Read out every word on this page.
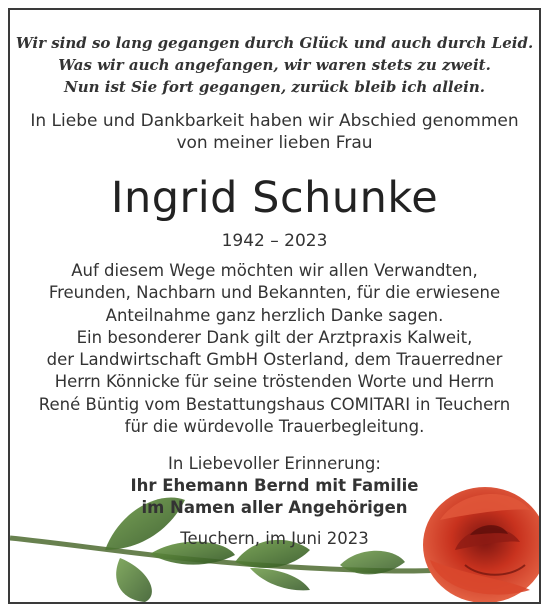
Wir sind so lang gegangen durch Glück und auch durch Leid.
Was wir auch angefangen, wir waren stets zu zweit.
Nun ist Sie fort gegangen, zurück bleib ich allein.
In Liebe und Dankbarkeit haben wir Abschied genommen
von meiner lieben Frau
Ingrid Schunke
1942 – 2023
Auf diesem Wege möchten wir allen Verwandten,
Freunden, Nachbarn und Bekannten, für die erwiesene
Anteilnahme ganz herzlich Danke sagen.
Ein besonderer Dank gilt der Arztpraxis Kalweit,
der Landwirtschaft GmbH Osterland, dem Trauerredner
Herrn Könnicke für seine tröstenden Worte und Herrn
René Büntig vom Bestattungshaus COMITARI in Teuchern
für die würdevolle Trauerbegleitung.
In Liebevoller Erinnerung:
Ihr Ehemann Bernd mit Familie
im Namen aller Angehörigen
Teuchern, im Juni 2023
